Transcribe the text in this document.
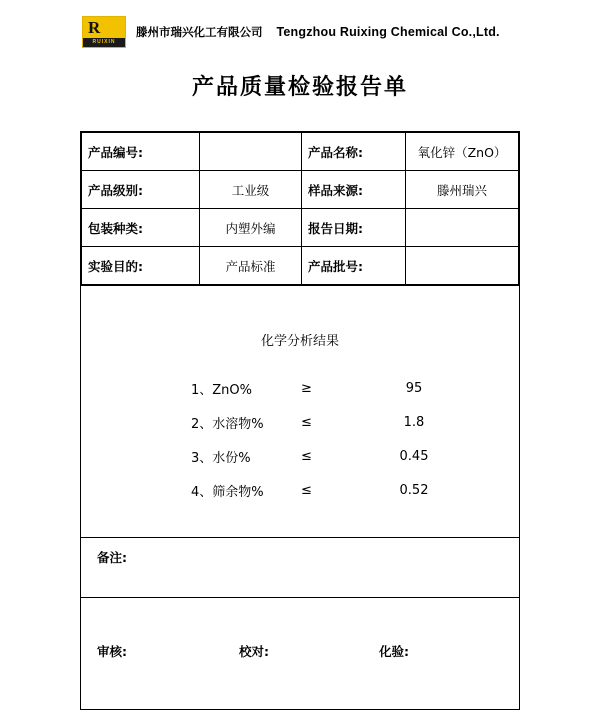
R
RUIXIN
滕州市瑞兴化工有限公司 Tengzhou Ruixing Chemical Co.,Ltd.
产品质量检验报告单
产品编号:		产品名称:	氧化锌（ZnO）
产品级别:	工业级	样品来源:	滕州瑞兴
包装种类:	内塑外编	报告日期:	
实验目的:	产品标准	产品批号:	
化学分析结果
1、ZnO%	≥	95
2、水溶物%	≤	1.8
3、水份%	≤	0.45
4、筛余物%	≤	0.52
备注:
审核:	校对:	化验:
